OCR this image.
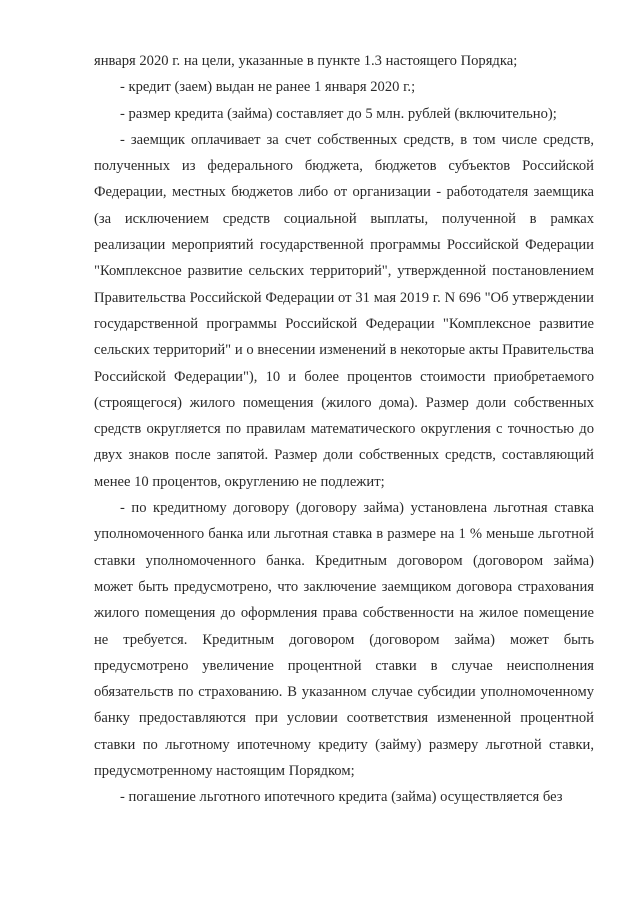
января 2020 г. на цели, указанные в пункте 1.3 настоящего Порядка;

- кредит (заем) выдан не ранее 1 января 2020 г.;

- размер кредита (займа) составляет до 5 млн. рублей (включительно);

- заемщик оплачивает за счет собственных средств, в том числе средств, полученных из федерального бюджета, бюджетов субъектов Российской Федерации, местных бюджетов либо от организации - работодателя заемщика (за исключением средств социальной выплаты, полученной в рамках реализации мероприятий государственной программы Российской Федерации "Комплексное развитие сельских территорий", утвержденной постановлением Правительства Российской Федерации от 31 мая 2019 г. N 696 "Об утверждении государственной программы Российской Федерации "Комплексное развитие сельских территорий" и о внесении изменений в некоторые акты Правительства Российской Федерации"), 10 и более процентов стоимости приобретаемого (строящегося) жилого помещения (жилого дома). Размер доли собственных средств округляется по правилам математического округления с точностью до двух знаков после запятой. Размер доли собственных средств, составляющий менее 10 процентов, округлению не подлежит;

- по кредитному договору (договору займа) установлена льготная ставка уполномоченного банка или льготная ставка в размере на 1 % меньше льготной ставки уполномоченного банка. Кредитным договором (договором займа) может быть предусмотрено, что заключение заемщиком договора страхования жилого помещения до оформления права собственности на жилое помещение не требуется. Кредитным договором (договором займа) может быть предусмотрено увеличение процентной ставки в случае неисполнения обязательств по страхованию. В указанном случае субсидии уполномоченному банку предоставляются при условии соответствия измененной процентной ставки по льготному ипотечному кредиту (займу) размеру льготной ставки, предусмотренному настоящим Порядком;

- погашение льготного ипотечного кредита (займа) осуществляется без
